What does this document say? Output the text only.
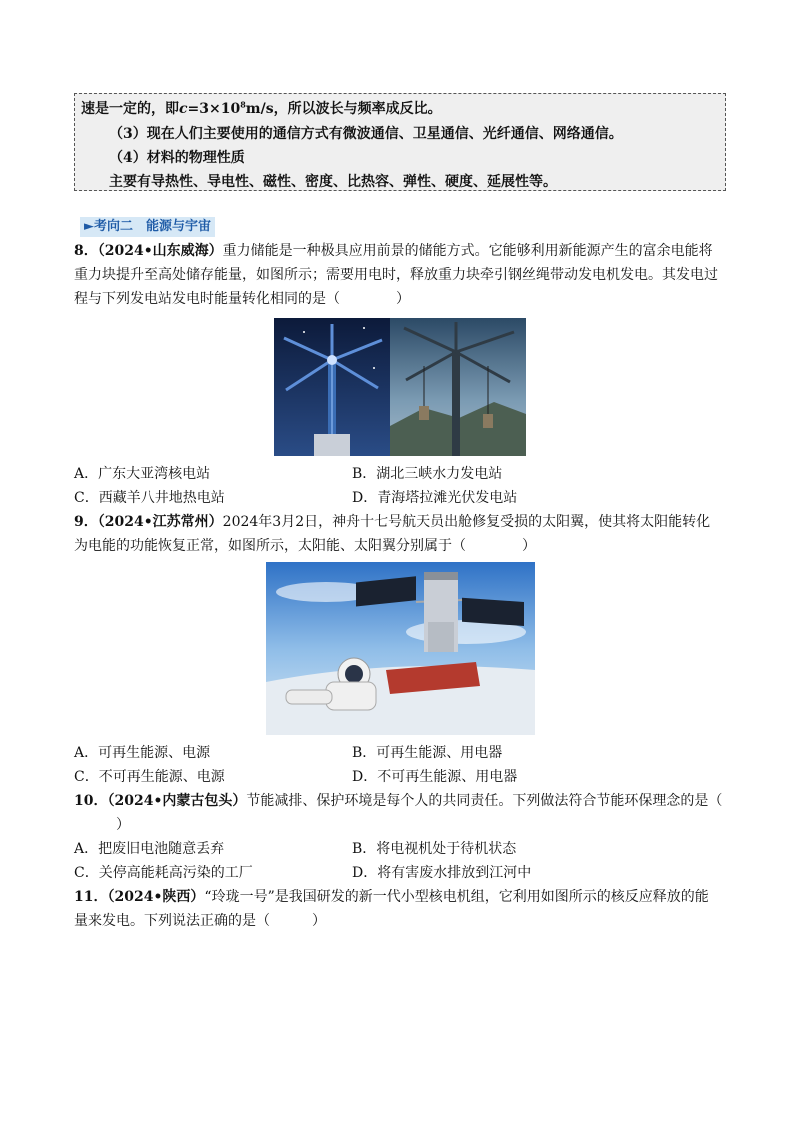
速是一定的，即$c=3\times 10^8m/s$，所以波长与频率成反比。
（3）现在人们主要使用的通信方式有微波通信、卫星通信、光纤通信、网络通信。
（4）材料的物理性质
主要有导热性、导电性、磁性、密度、比热容、弹性、硬度、延展性等。
►考向二　能源与宇宙
8．（2024•山东威海）重力储能是一种极具应用前景的储能方式。它能够利用新能源产生的富余电能将
重力块提升至高处储存能量，如图所示；需要用电时，释放重力块牵引钢丝绳带动发电机发电。其发电过
程与下列发电站发电时能量转化相同的是（　　　　）
A．广东大亚湾核电站	B．湖北三峡水力发电站
C．西藏羊八井地热电站	D．青海塔拉滩光伏发电站
9．（2024•江苏常州）2024年3月2日，神舟十七号航天员出舱修复受损的太阳翼，使其将太阳能转化
为电能的功能恢复正常，如图所示，太阳能、太阳翼分别属于（　　　　）
A．可再生能源、电源	B．可再生能源、用电器
C．不可再生能源、电源	D．不可再生能源、用电器
10．（2024•内蒙古包头）节能减排、保护环境是每个人的共同责任。下列做法符合节能环保理念的是（
）
A．把废旧电池随意丢弃	B．将电视机处于待机状态
C．关停高能耗高污染的工厂	D．将有害废水排放到江河中
11．（2024•陕西）“玲珑一号”是我国研发的新一代小型核电机组，它利用如图所示的核反应释放的能
量来发电。下列说法正确的是（　　　）
